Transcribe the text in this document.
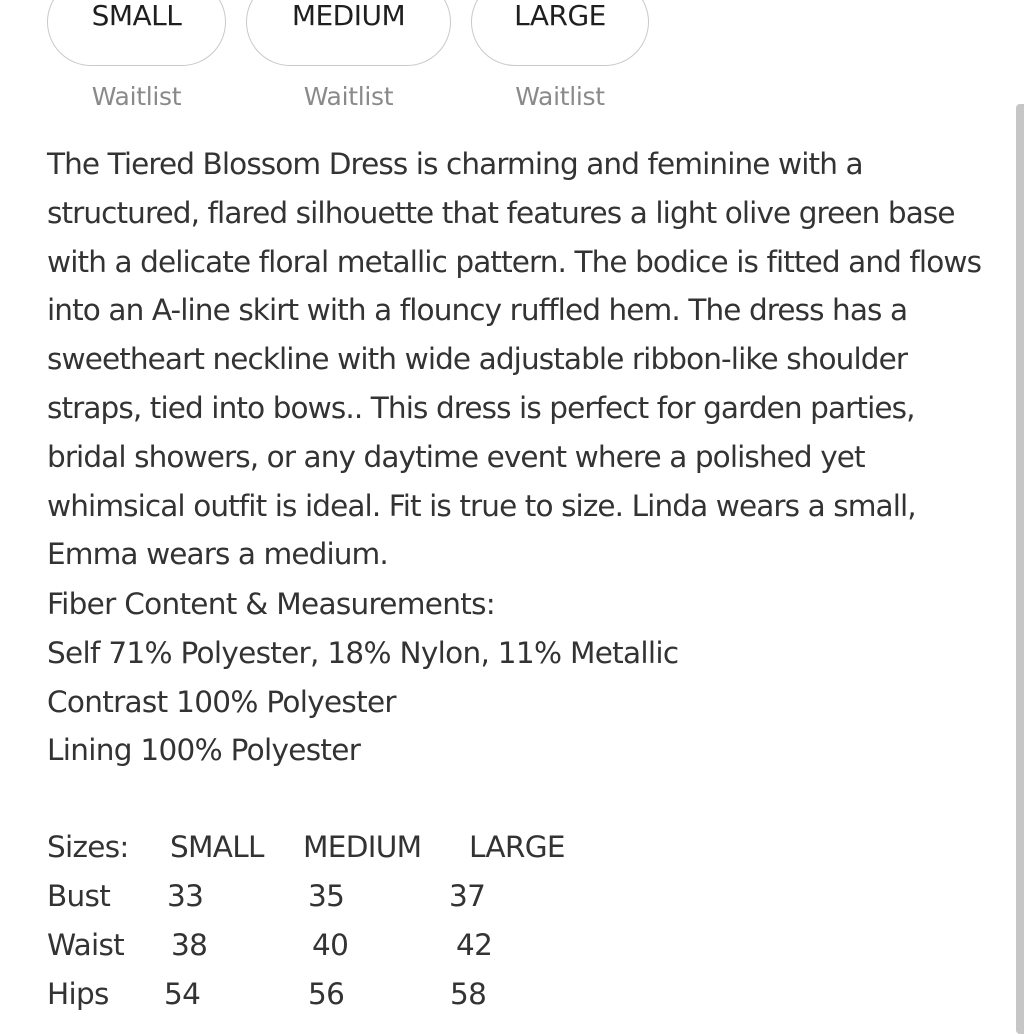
SMALL
Waitlist
MEDIUM
Waitlist
LARGE
Waitlist

The Tiered Blossom Dress is charming and feminine with a structured, flared silhouette that features a light olive green base with a delicate floral metallic pattern. The bodice is fitted and flows into an A-line skirt with a flouncy ruffled hem. The dress has a sweetheart neckline with wide adjustable ribbon-like shoulder straps, tied into bows.. This dress is perfect for garden parties, bridal showers, or any daytime event where a polished yet whimsical outfit is ideal. Fit is true to size. Linda wears a small, Emma wears a medium.

Fiber Content & Measurements:
Self 71% Polyester, 18% Nylon, 11% Metallic
Contrast 100% Polyester
Lining 100% Polyester
Sizes: SMALL MEDIUM LARGE
Bust 33	35	37
Waist 38	40	42
Hips 54	56	58
